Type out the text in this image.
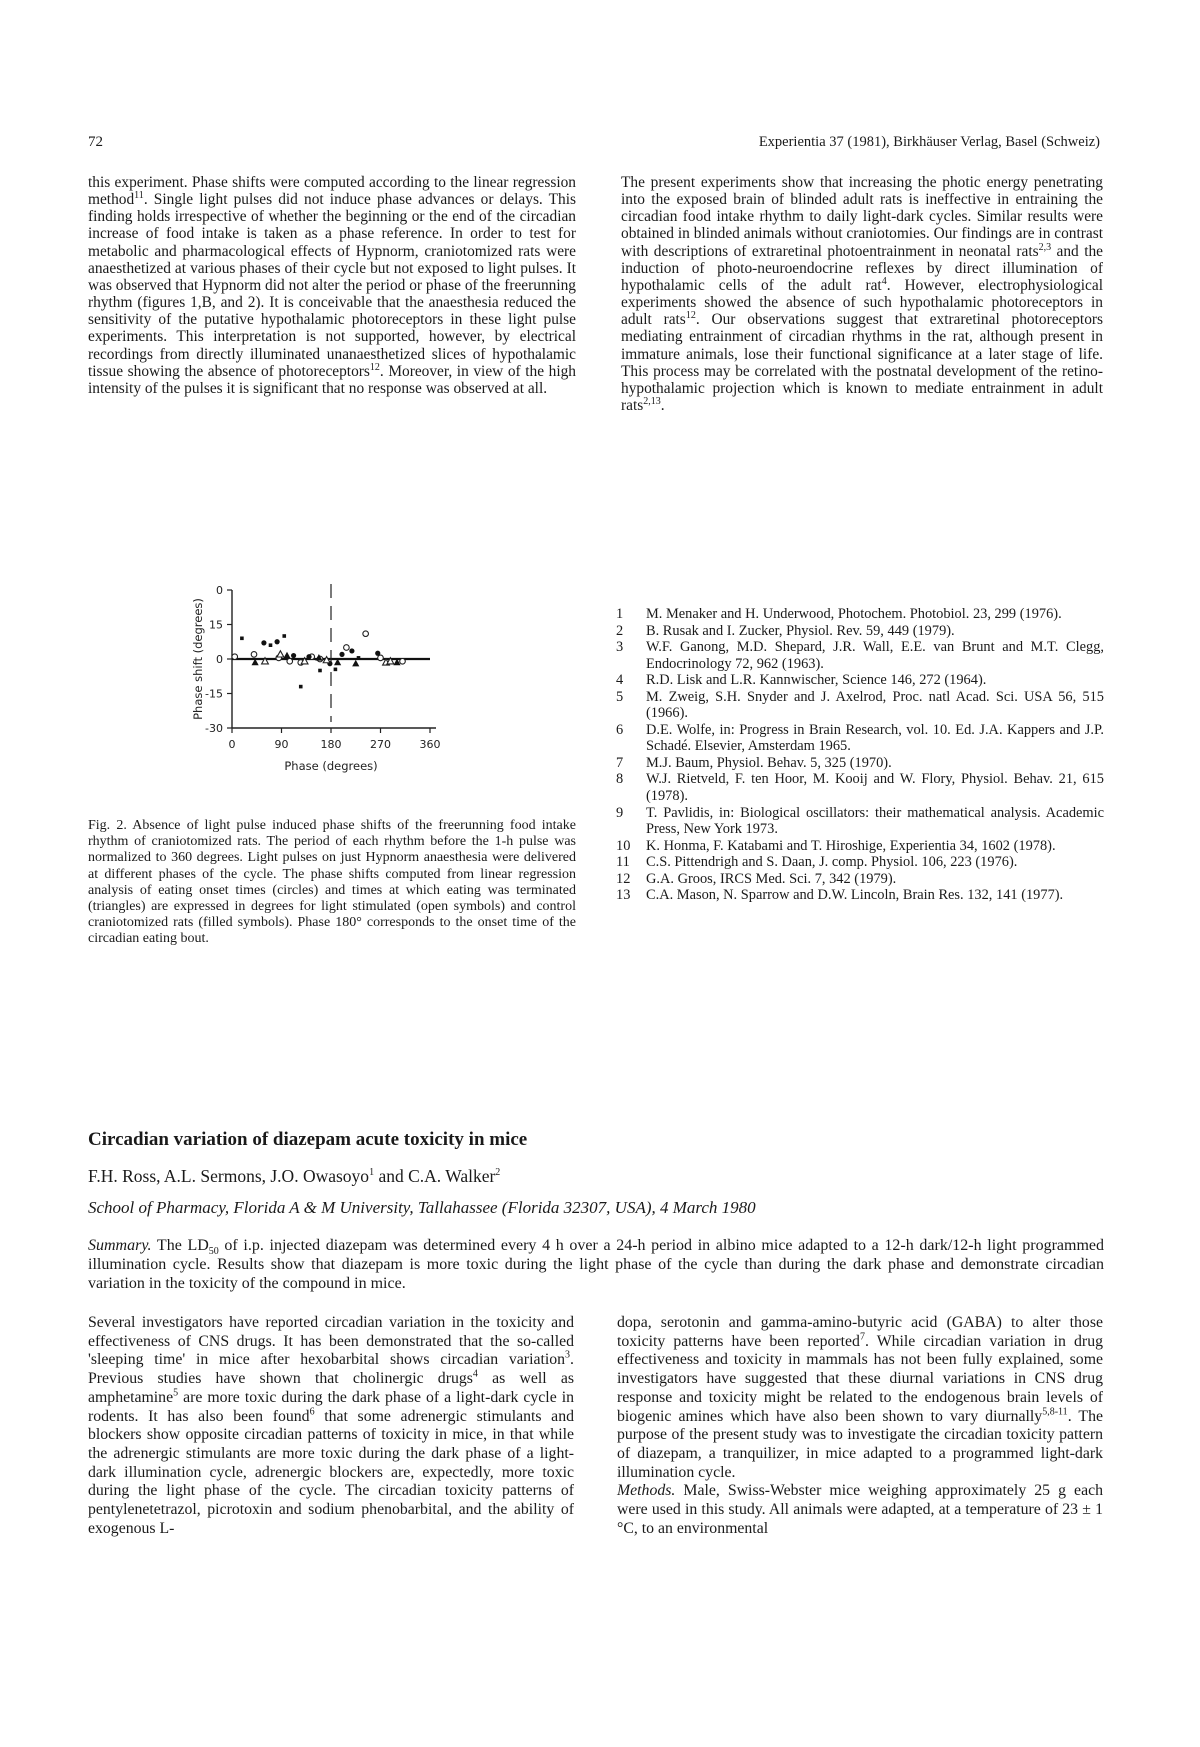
72	Experientia 37 (1981), Birkhäuser Verlag, Basel (Schweiz)

this experiment. Phase shifts were computed according to the linear regression method$^{11}$. Single light pulses did not induce phase advances or delays. This finding holds irrespective of whether the beginning or the end of the circadian increase of food intake is taken as a phase reference. In order to test for metabolic and pharmacological effects of Hypnorm, craniotomized rats were anaesthetized at various phases of their cycle but not exposed to light pulses. It was observed that Hypnorm did not alter the period or phase of the freerunning rhythm (figures 1,B, and 2). It is conceivable that the anaesthesia reduced the sensitivity of the putative hypothalamic photoreceptors in these light pulse experiments. This interpretation is not supported, however, by electrical recordings from directly illuminated unanaesthetized slices of hypothalamic tissue showing the absence of photoreceptors$^{12}$. Moreover, in view of the high intensity of the pulses it is significant that no response was observed at all.

The present experiments show that increasing the photic energy penetrating into the exposed brain of blinded adult rats is ineffective in entraining the circadian food intake rhythm to daily light-dark cycles. Similar results were obtained in blinded animals without craniotomies. Our findings are in contrast with descriptions of extraretinal photoentrainment in neonatal rats$^{2,3}$ and the induction of photo-neuroendocrine reflexes by direct illumination of hypothalamic cells of the adult rat$^4$. However, electrophysiological experiments showed the absence of such hypothalamic photoreceptors in adult rats$^{12}$. Our observations suggest that extraretinal photoreceptors mediating entrainment of circadian rhythms in the rat, although present in immature animals, lose their functional significance at a later stage of life. This process may be correlated with the postnatal development of the retino-hypothalamic projection which is known to mediate entrainment in adult rats$^{2,13}$.

0
15
0
-15
-30
0	90	180	270	360
Phase (degrees)
Phase shift (degrees)
Fig. 2. Absence of light pulse induced phase shifts of the freerunning food intake rhythm of craniotomized rats. The period of each rhythm before the 1-h pulse was normalized to 360 degrees. Light pulses on just Hypnorm anaesthesia were delivered at different phases of the cycle. The phase shifts computed from linear regression analysis of eating onset times (circles) and times at which eating was terminated (triangles) are expressed in degrees for light stimulated (open symbols) and control craniotomized rats (filled symbols). Phase 180° corresponds to the onset time of the circadian eating bout.
1	M. Menaker and H. Underwood, Photochem. Photobiol. 23, 299 (1976).
2	B. Rusak and I. Zucker, Physiol. Rev. 59, 449 (1979).
3	W.F. Ganong, M.D. Shepard, J.R. Wall, E.E. van Brunt and M.T. Clegg, Endocrinology 72, 962 (1963).
4	R.D. Lisk and L.R. Kannwischer, Science 146, 272 (1964).
5	M. Zweig, S.H. Snyder and J. Axelrod, Proc. natl Acad. Sci. USA 56, 515 (1966).
6	D.E. Wolfe, in: Progress in Brain Research, vol. 10. Ed. J.A. Kappers and J.P. Schadé. Elsevier, Amsterdam 1965.
7	M.J. Baum, Physiol. Behav. 5, 325 (1970).
8	W.J. Rietveld, F. ten Hoor, M. Kooij and W. Flory, Physiol. Behav. 21, 615 (1978).
9	T. Pavlidis, in: Biological oscillators: their mathematical analysis. Academic Press, New York 1973.
10	K. Honma, F. Katabami and T. Hiroshige, Experientia 34, 1602 (1978).
11	C.S. Pittendrigh and S. Daan, J. comp. Physiol. 106, 223 (1976).
12	G.A. Groos, IRCS Med. Sci. 7, 342 (1979).
13	C.A. Mason, N. Sparrow and D.W. Lincoln, Brain Res. 132, 141 (1977).
Circadian variation of diazepam acute toxicity in mice
F.H. Ross, A.L. Sermons, J.O. Owasoyo$^1$ and C.A. Walker$^2$
School of Pharmacy, Florida A & M University, Tallahassee (Florida 32307, USA), 4 March 1980
Summary. The $LD_{50}$ of i.p. injected diazepam was determined every 4 h over a 24-h period in albino mice adapted to a 12-h dark/12-h light programmed illumination cycle. Results show that diazepam is more toxic during the light phase of the cycle than during the dark phase and demonstrate circadian variation in the toxicity of the compound in mice.

Several investigators have reported circadian variation in the toxicity and effectiveness of CNS drugs. It has been demonstrated that the so-called 'sleeping time' in mice after hexobarbital shows circadian variation$^3$. Previous studies have shown that cholinergic drugs$^4$ as well as amphetamine$^5$ are more toxic during the dark phase of a light-dark cycle in rodents. It has also been found$^6$ that some adrenergic stimulants and blockers show opposite circadian patterns of toxicity in mice, in that while the adrenergic stimulants are more toxic during the dark phase of a light-dark illumination cycle, adrenergic blockers are, expectedly, more toxic during the light phase of the cycle. The circadian toxicity patterns of pentylenetetrazol, picrotoxin and sodium phenobarbital, and the ability of exogenous L-

dopa, serotonin and gamma-amino-butyric acid (GABA) to alter those toxicity patterns have been reported$^7$. While circadian variation in drug effectiveness and toxicity in mammals has not been fully explained, some investigators have suggested that these diurnal variations in CNS drug response and toxicity might be related to the endogenous brain levels of biogenic amines which have also been shown to vary diurnally$^{5,8-11}$. The purpose of the present study was to investigate the circadian toxicity pattern of diazepam, a tranquilizer, in mice adapted to a programmed light-dark illumination cycle.

Methods. Male, Swiss-Webster mice weighing approximately 25 g each were used in this study. All animals were adapted, at a temperature of 23 ± 1 °C, to an environmental
